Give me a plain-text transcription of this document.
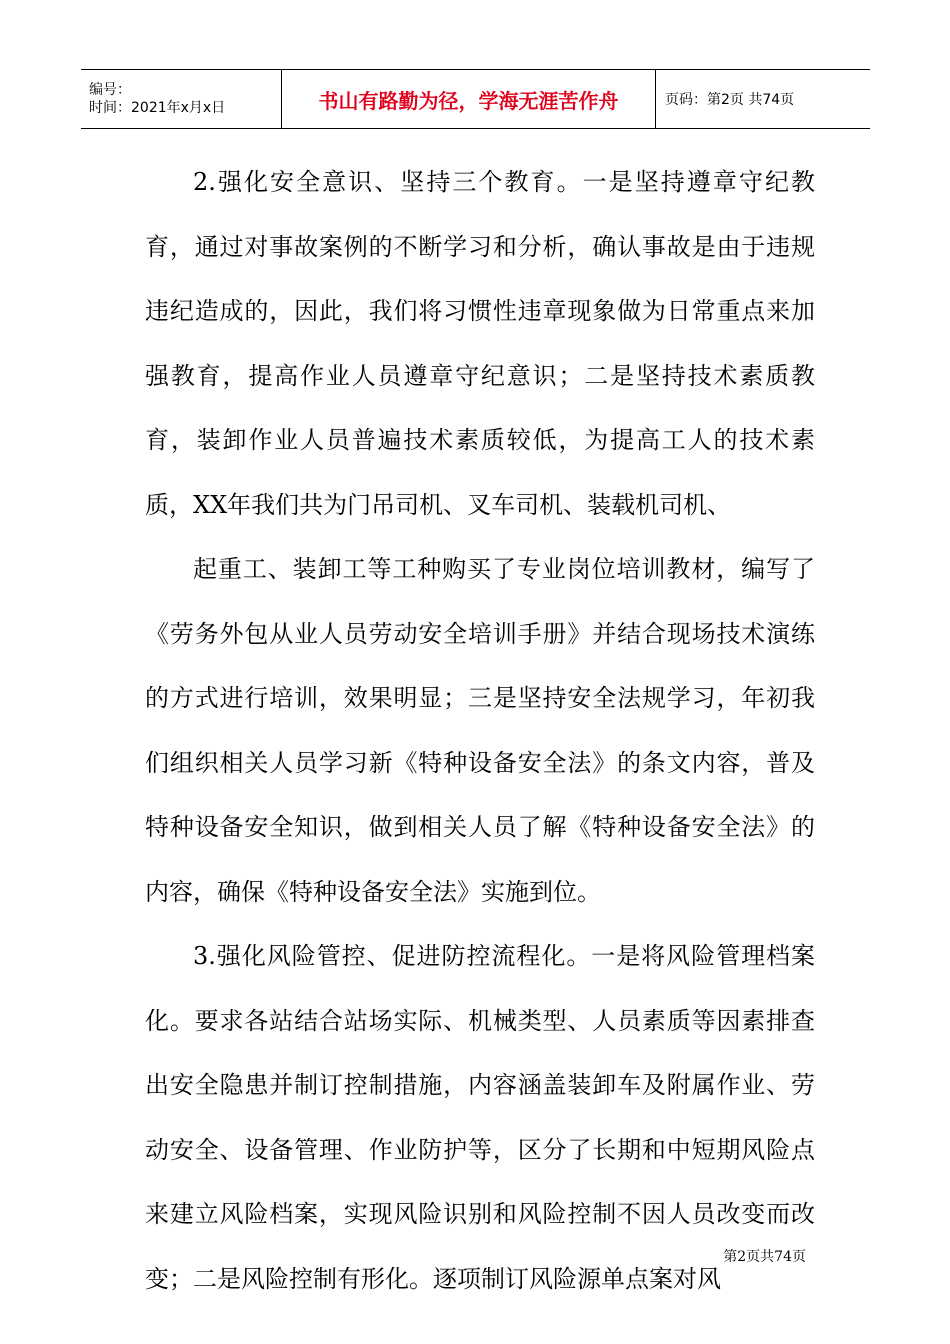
编号：
时间：2021年x月x日	书山有路勤为径，学海无涯苦作舟	页码：第2页 共74页

2.强化安全意识、坚持三个教育。一是坚持遵章守纪教育，通过对事故案例的不断学习和分析，确认事故是由于违规违纪造成的，因此，我们将习惯性违章现象做为日常重点来加强教育，提高作业人员遵章守纪意识；二是坚持技术素质教育，装卸作业人员普遍技术素质较低，为提高工人的技术素质，XX年我们共为门吊司机、叉车司机、装载机司机、

起重工、装卸工等工种购买了专业岗位培训教材，编写了《劳务外包从业人员劳动安全培训手册》并结合现场技术演练的方式进行培训，效果明显；三是坚持安全法规学习，年初我们组织相关人员学习新《特种设备安全法》的条文内容，普及特种设备安全知识，做到相关人员了解《特种设备安全法》的内容，确保《特种设备安全法》实施到位。

3.强化风险管控、促进防控流程化。一是将风险管理档案化。要求各站结合站场实际、机械类型、人员素质等因素排查出安全隐患并制订控制措施，内容涵盖装卸车及附属作业、劳动安全、设备管理、作业防护等，区分了长期和中短期风险点来建立风险档案，实现风险识别和风险控制不因人员改变而改变；二是风险控制有形化。逐项制订风险源单点案对风

第2页共74页
